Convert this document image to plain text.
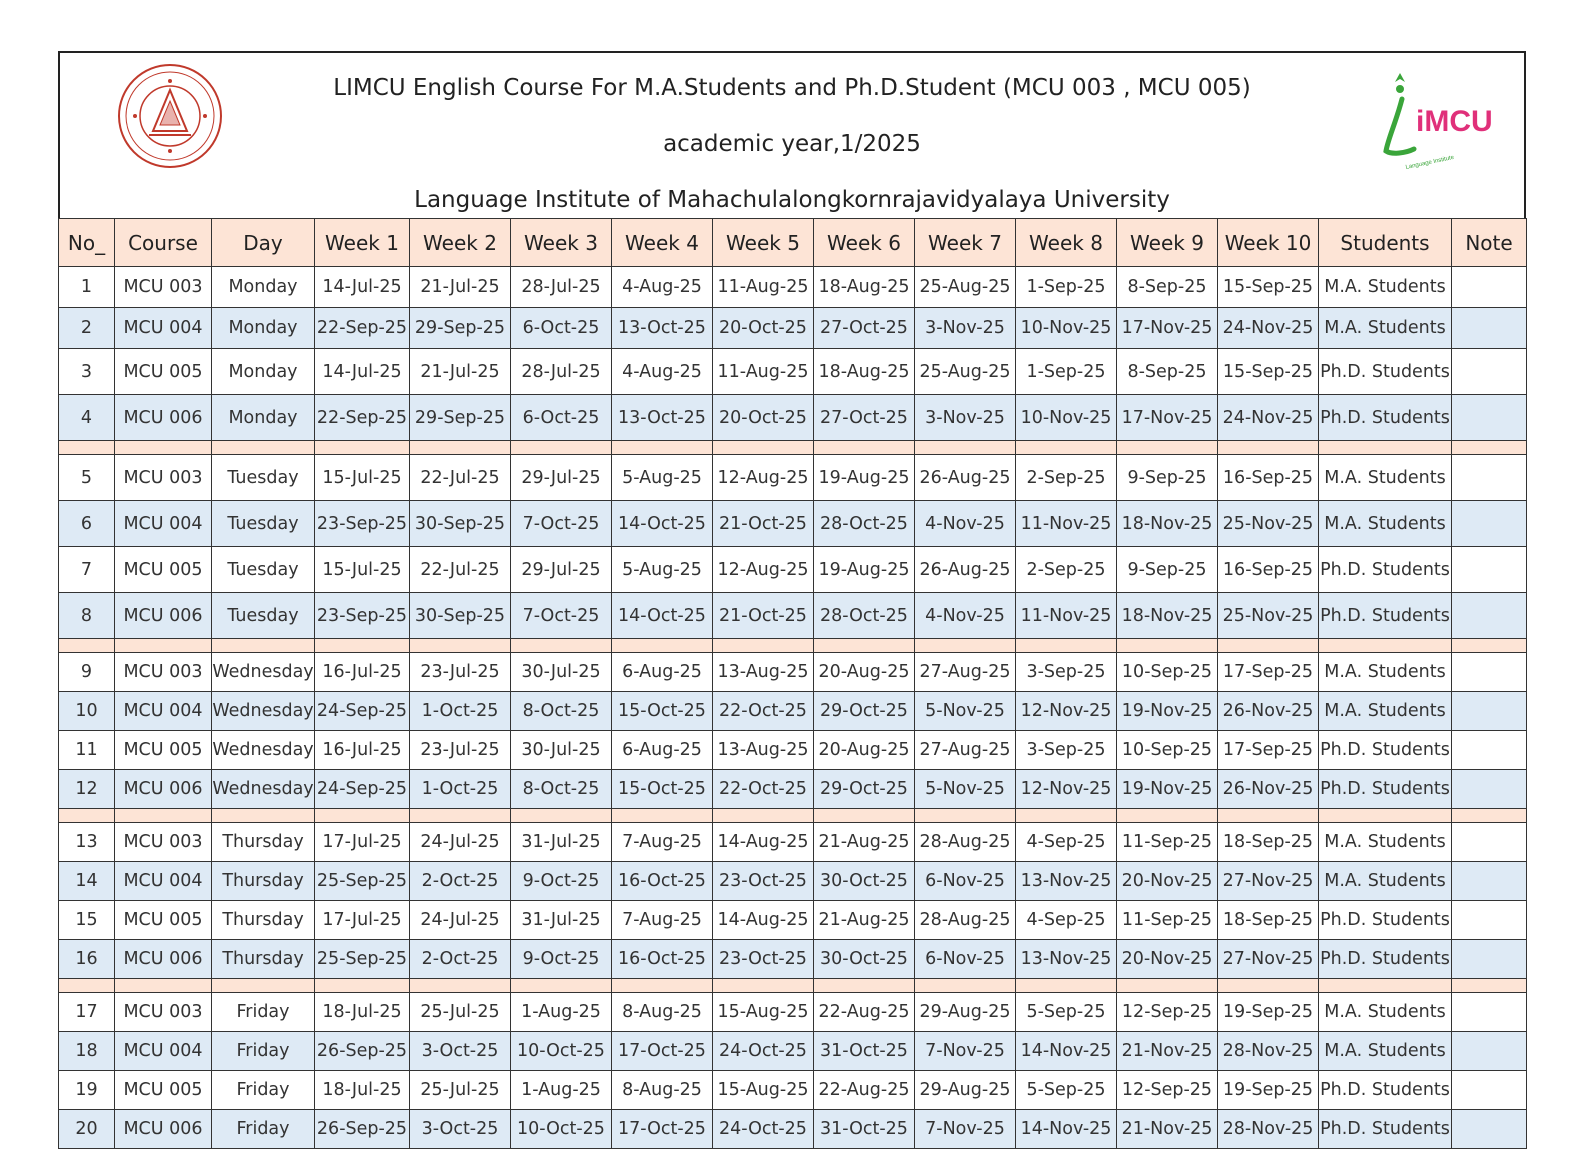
LIMCU English Course For M.A.Students and Ph.D.Student (MCU 003 , MCU 005)
academic year,1/2025
Language Institute of Mahachulalongkornrajavidyalaya University
iMCU
Language Institute
No_	Course	Day	Week 1	Week 2	Week 3	Week 4	Week 5	Week 6	Week 7	Week 8	Week 9	Week 10	Students	Note
1	MCU 003	Monday	14-Jul-25	21-Jul-25	28-Jul-25	4-Aug-25	11-Aug-25	18-Aug-25	25-Aug-25	1-Sep-25	8-Sep-25	15-Sep-25	M.A. Students	
2	MCU 004	Monday	22-Sep-25	29-Sep-25	6-Oct-25	13-Oct-25	20-Oct-25	27-Oct-25	3-Nov-25	10-Nov-25	17-Nov-25	24-Nov-25	M.A. Students	
3	MCU 005	Monday	14-Jul-25	21-Jul-25	28-Jul-25	4-Aug-25	11-Aug-25	18-Aug-25	25-Aug-25	1-Sep-25	8-Sep-25	15-Sep-25	Ph.D. Students	
4	MCU 006	Monday	22-Sep-25	29-Sep-25	6-Oct-25	13-Oct-25	20-Oct-25	27-Oct-25	3-Nov-25	10-Nov-25	17-Nov-25	24-Nov-25	Ph.D. Students	

5	MCU 003	Tuesday	15-Jul-25	22-Jul-25	29-Jul-25	5-Aug-25	12-Aug-25	19-Aug-25	26-Aug-25	2-Sep-25	9-Sep-25	16-Sep-25	M.A. Students	
6	MCU 004	Tuesday	23-Sep-25	30-Sep-25	7-Oct-25	14-Oct-25	21-Oct-25	28-Oct-25	4-Nov-25	11-Nov-25	18-Nov-25	25-Nov-25	M.A. Students	
7	MCU 005	Tuesday	15-Jul-25	22-Jul-25	29-Jul-25	5-Aug-25	12-Aug-25	19-Aug-25	26-Aug-25	2-Sep-25	9-Sep-25	16-Sep-25	Ph.D. Students	
8	MCU 006	Tuesday	23-Sep-25	30-Sep-25	7-Oct-25	14-Oct-25	21-Oct-25	28-Oct-25	4-Nov-25	11-Nov-25	18-Nov-25	25-Nov-25	Ph.D. Students	

9	MCU 003	Wednesday	16-Jul-25	23-Jul-25	30-Jul-25	6-Aug-25	13-Aug-25	20-Aug-25	27-Aug-25	3-Sep-25	10-Sep-25	17-Sep-25	M.A. Students	
10	MCU 004	Wednesday	24-Sep-25	1-Oct-25	8-Oct-25	15-Oct-25	22-Oct-25	29-Oct-25	5-Nov-25	12-Nov-25	19-Nov-25	26-Nov-25	M.A. Students	
11	MCU 005	Wednesday	16-Jul-25	23-Jul-25	30-Jul-25	6-Aug-25	13-Aug-25	20-Aug-25	27-Aug-25	3-Sep-25	10-Sep-25	17-Sep-25	Ph.D. Students	
12	MCU 006	Wednesday	24-Sep-25	1-Oct-25	8-Oct-25	15-Oct-25	22-Oct-25	29-Oct-25	5-Nov-25	12-Nov-25	19-Nov-25	26-Nov-25	Ph.D. Students	

13	MCU 003	Thursday	17-Jul-25	24-Jul-25	31-Jul-25	7-Aug-25	14-Aug-25	21-Aug-25	28-Aug-25	4-Sep-25	11-Sep-25	18-Sep-25	M.A. Students	
14	MCU 004	Thursday	25-Sep-25	2-Oct-25	9-Oct-25	16-Oct-25	23-Oct-25	30-Oct-25	6-Nov-25	13-Nov-25	20-Nov-25	27-Nov-25	M.A. Students	
15	MCU 005	Thursday	17-Jul-25	24-Jul-25	31-Jul-25	7-Aug-25	14-Aug-25	21-Aug-25	28-Aug-25	4-Sep-25	11-Sep-25	18-Sep-25	Ph.D. Students	
16	MCU 006	Thursday	25-Sep-25	2-Oct-25	9-Oct-25	16-Oct-25	23-Oct-25	30-Oct-25	6-Nov-25	13-Nov-25	20-Nov-25	27-Nov-25	Ph.D. Students	

17	MCU 003	Friday	18-Jul-25	25-Jul-25	1-Aug-25	8-Aug-25	15-Aug-25	22-Aug-25	29-Aug-25	5-Sep-25	12-Sep-25	19-Sep-25	M.A. Students	
18	MCU 004	Friday	26-Sep-25	3-Oct-25	10-Oct-25	17-Oct-25	24-Oct-25	31-Oct-25	7-Nov-25	14-Nov-25	21-Nov-25	28-Nov-25	M.A. Students	
19	MCU 005	Friday	18-Jul-25	25-Jul-25	1-Aug-25	8-Aug-25	15-Aug-25	22-Aug-25	29-Aug-25	5-Sep-25	12-Sep-25	19-Sep-25	Ph.D. Students	
20	MCU 006	Friday	26-Sep-25	3-Oct-25	10-Oct-25	17-Oct-25	24-Oct-25	31-Oct-25	7-Nov-25	14-Nov-25	21-Nov-25	28-Nov-25	Ph.D. Students	
